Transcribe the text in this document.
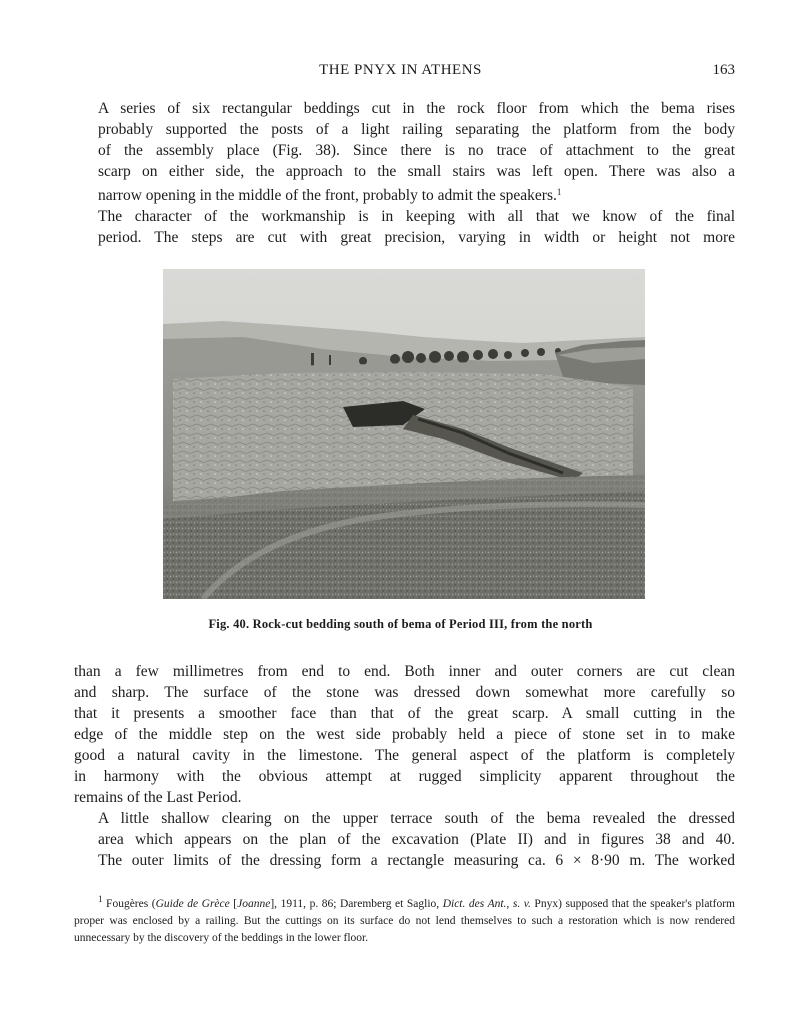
THE PNYX IN ATHENS	163
A series of six rectangular beddings cut in the rock floor from which the bema rises
probably supported the posts of a light railing separating the platform from the body
of the assembly place (Fig. 38). Since there is no trace of attachment to the great
scarp on either side, the approach to the small stairs was left open. There was also a
narrow opening in the middle of the front, probably to admit the speakers.$^1$
The character of the workmanship is in keeping with all that we know of the final
period. The steps are cut with great precision, varying in width or height not more
Fig. 40. Rock-cut bedding south of bema of Period III, from the north
than a few millimetres from end to end. Both inner and outer corners are cut clean
and sharp. The surface of the stone was dressed down somewhat more carefully so
that it presents a smoother face than that of the great scarp. A small cutting in the
edge of the middle step on the west side probably held a piece of stone set in to make
good a natural cavity in the limestone. The general aspect of the platform is completely
in harmony with the obvious attempt at rugged simplicity apparent throughout the
remains of the Last Period.
A little shallow clearing on the upper terrace south of the bema revealed the dressed
area which appears on the plan of the excavation (Plate II) and in figures 38 and 40.
The outer limits of the dressing form a rectangle measuring ca. 6 × 8·90 m. The worked

$^1$ Fougères (Guide de Grèce [Joanne], 1911, p. 86; Daremberg et Saglio, Dict. des Ant., s. v. Pnyx) supposed that the speaker's platform proper was enclosed by a railing. But the cuttings on its surface do not lend themselves to such a restoration which is now rendered unnecessary by the discovery of the beddings in the lower floor.
